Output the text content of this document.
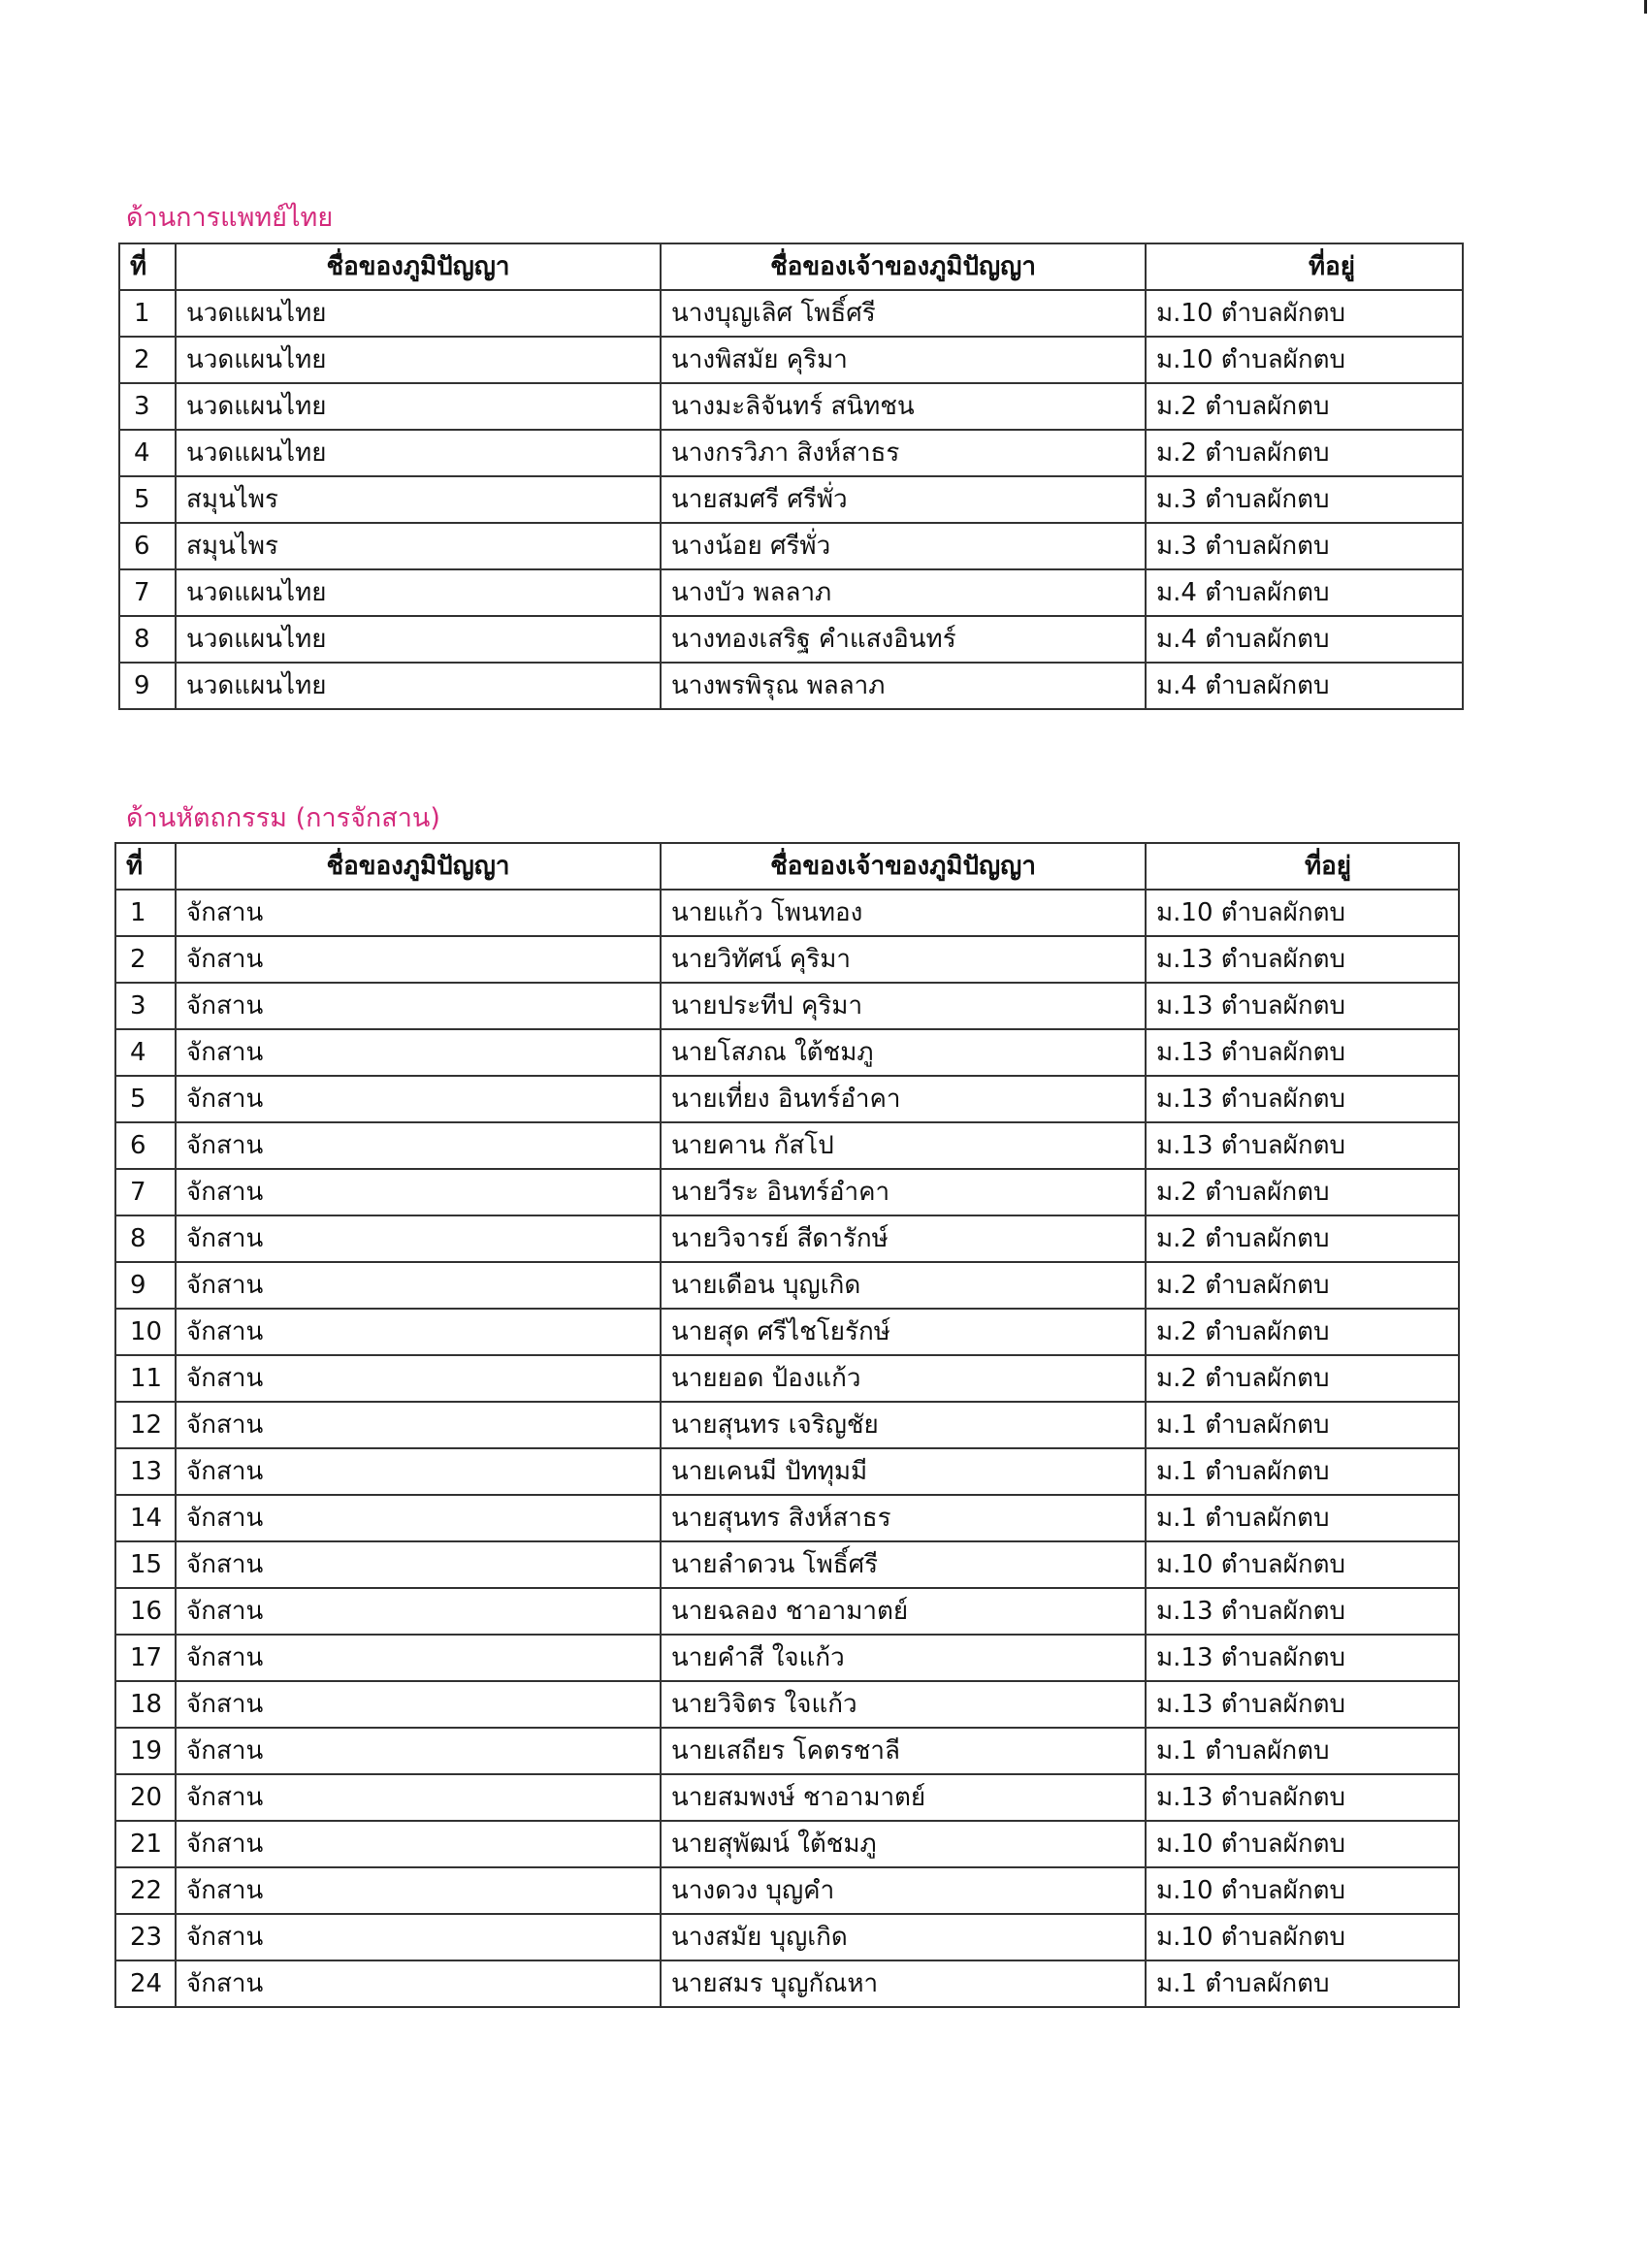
ด้านการแพทย์ไทย
ที่	ชื่อของภูมิปัญญา	ชื่อของเจ้าของภูมิปัญญา	ที่อยู่
1	นวดแผนไทย	นางบุญเลิศ โพธิ์ศรี	ม.10 ตำบลผักตบ
2	นวดแผนไทย	นางพิสมัย คุริมา	ม.10 ตำบลผักตบ
3	นวดแผนไทย	นางมะลิจันทร์ สนิทชน	ม.2 ตำบลผักตบ
4	นวดแผนไทย	นางกรวิภา สิงห์สาธร	ม.2 ตำบลผักตบ
5	สมุนไพร	นายสมศรี ศรีพั่ว	ม.3 ตำบลผักตบ
6	สมุนไพร	นางน้อย ศรีพั่ว	ม.3 ตำบลผักตบ
7	นวดแผนไทย	นางบัว พลลาภ	ม.4 ตำบลผักตบ
8	นวดแผนไทย	นางทองเสริฐ คำแสงอินทร์	ม.4 ตำบลผักตบ
9	นวดแผนไทย	นางพรพิรุณ พลลาภ	ม.4 ตำบลผักตบ
ด้านหัตถกรรม (การจักสาน)
ที่	ชื่อของภูมิปัญญา	ชื่อของเจ้าของภูมิปัญญา	ที่อยู่
1	จักสาน	นายแก้ว โพนทอง	ม.10 ตำบลผักตบ
2	จักสาน	นายวิทัศน์ คุริมา	ม.13 ตำบลผักตบ
3	จักสาน	นายประทีป คุริมา	ม.13 ตำบลผักตบ
4	จักสาน	นายโสภณ ใต้ชมภู	ม.13 ตำบลผักตบ
5	จักสาน	นายเที่ยง อินทร์อำคา	ม.13 ตำบลผักตบ
6	จักสาน	นายคาน กัสโป	ม.13 ตำบลผักตบ
7	จักสาน	นายวีระ อินทร์อำคา	ม.2 ตำบลผักตบ
8	จักสาน	นายวิจารย์ สีดารักษ์	ม.2 ตำบลผักตบ
9	จักสาน	นายเดือน บุญเกิด	ม.2 ตำบลผักตบ
10	จักสาน	นายสุด ศรีไชโยรักษ์	ม.2 ตำบลผักตบ
11	จักสาน	นายยอด ป้องแก้ว	ม.2 ตำบลผักตบ
12	จักสาน	นายสุนทร เจริญชัย	ม.1 ตำบลผักตบ
13	จักสาน	นายเคนมี ปัททุมมี	ม.1 ตำบลผักตบ
14	จักสาน	นายสุนทร สิงห์สาธร	ม.1 ตำบลผักตบ
15	จักสาน	นายลำดวน โพธิ์ศรี	ม.10 ตำบลผักตบ
16	จักสาน	นายฉลอง ชาอามาตย์	ม.13 ตำบลผักตบ
17	จักสาน	นายคำสี ใจแก้ว	ม.13 ตำบลผักตบ
18	จักสาน	นายวิจิตร ใจแก้ว	ม.13 ตำบลผักตบ
19	จักสาน	นายเสถียร โคตรชาลี	ม.1 ตำบลผักตบ
20	จักสาน	นายสมพงษ์ ชาอามาตย์	ม.13 ตำบลผักตบ
21	จักสาน	นายสุพัฒน์ ใต้ชมภู	ม.10 ตำบลผักตบ
22	จักสาน	นางดวง บุญคำ	ม.10 ตำบลผักตบ
23	จักสาน	นางสมัย บุญเกิด	ม.10 ตำบลผักตบ
24	จักสาน	นายสมร บุญกัณหา	ม.1 ตำบลผักตบ
